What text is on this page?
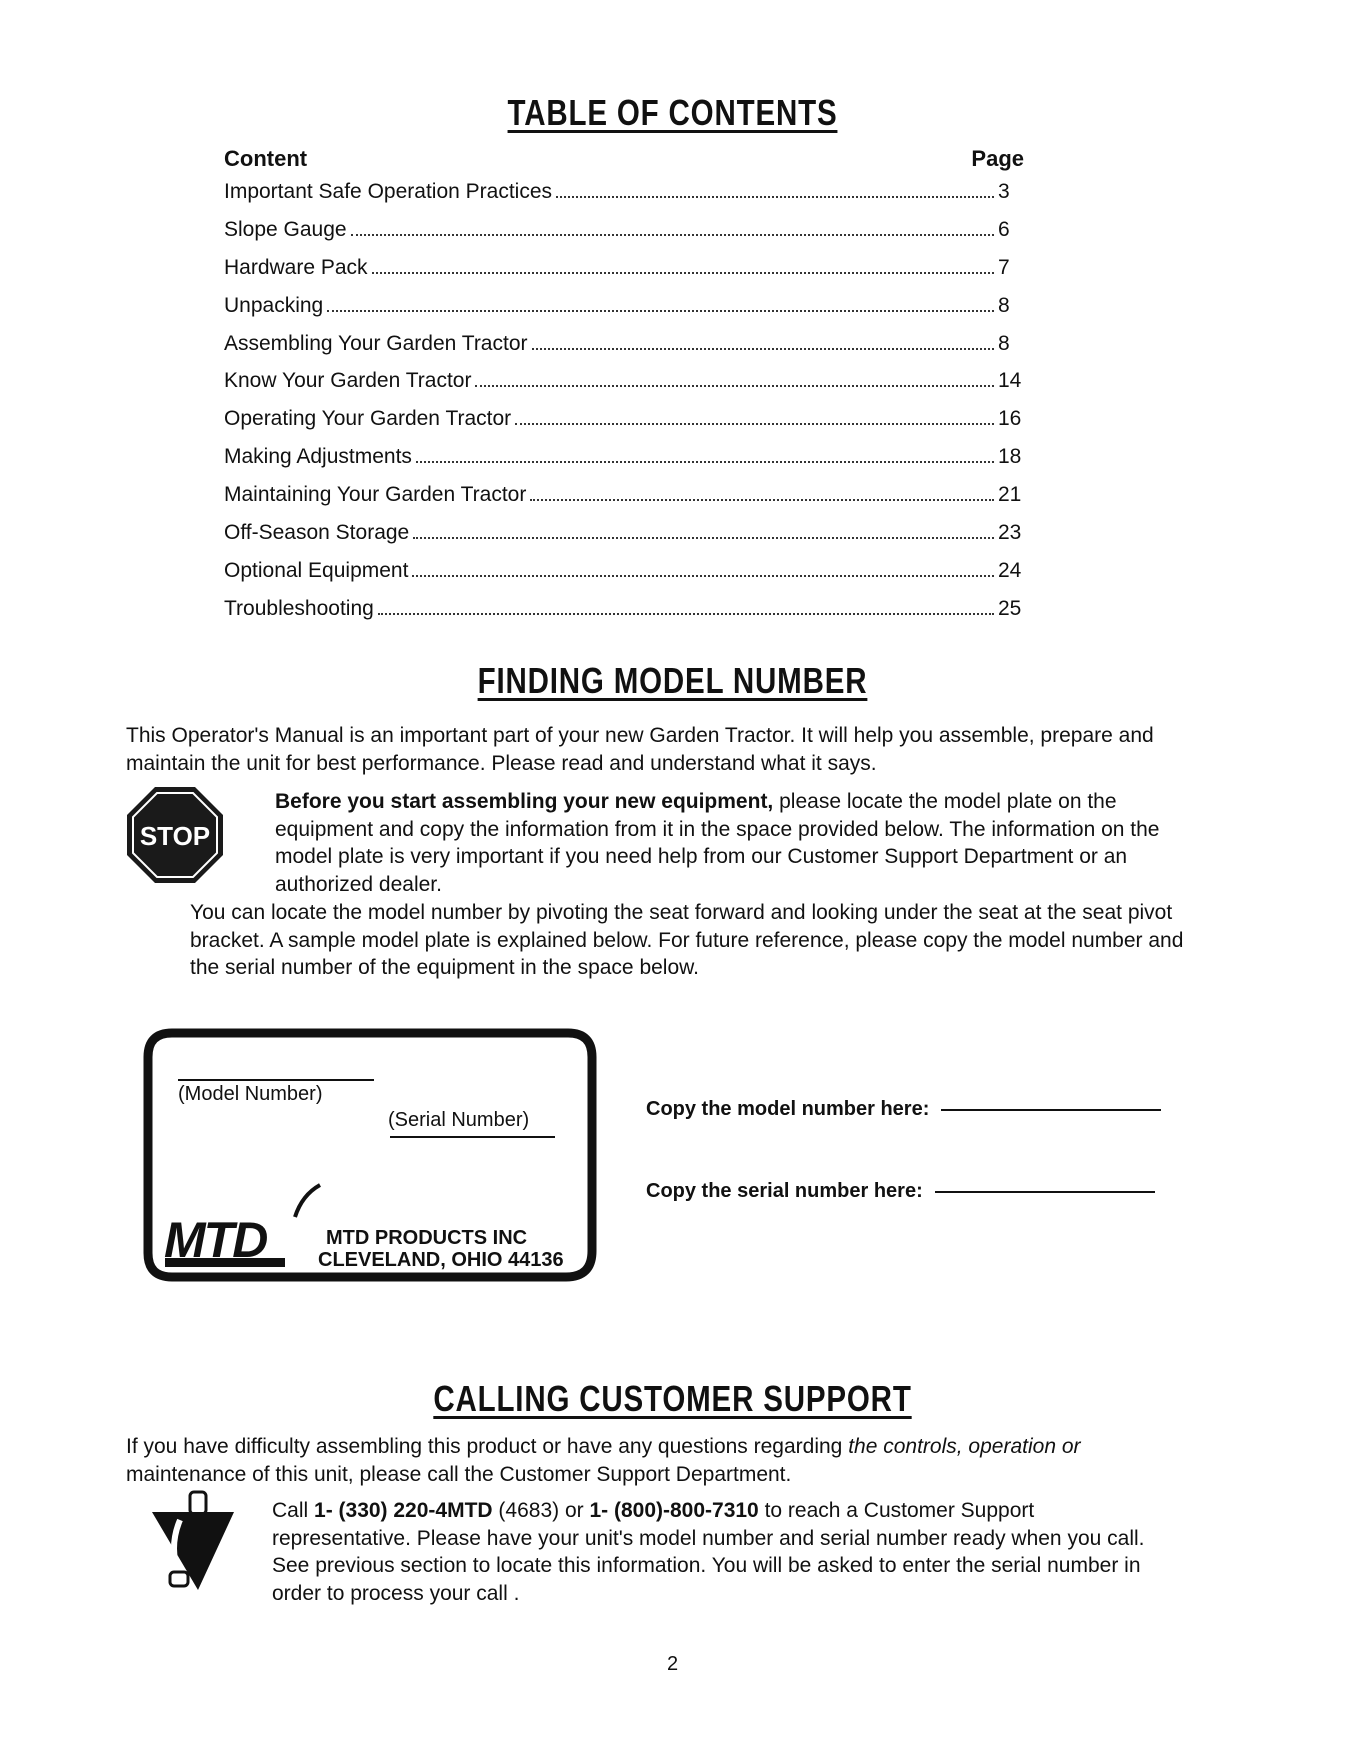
TABLE OF CONTENTS
Content	Page
Important Safe Operation Practices	3
Slope Gauge	6
Hardware Pack	7
Unpacking	8
Assembling Your Garden Tractor	8
Know Your Garden Tractor	14
Operating Your Garden Tractor	16
Making Adjustments	18
Maintaining Your Garden Tractor	21
Off-Season Storage	23
Optional Equipment	24
Troubleshooting	25
FINDING MODEL NUMBER
This Operator's Manual is an important part of your new Garden Tractor. It will help you assemble, prepare and maintain the unit for best performance. Please read and understand what it says.
STOP
Before you start assembling your new equipment, please locate the model plate on the equipment and copy the information from it in the space provided below. The information on the model plate is very important if you need help from our Customer Support Department or an authorized dealer.
You can locate the model number by pivoting the seat forward and looking under the seat at the seat pivot bracket. A sample model plate is explained below. For future reference, please copy the model number and the serial number of the equipment in the space below.
(Model Number)
(Serial Number)
MTD	MTD PRODUCTS INC
CLEVELAND, OHIO 44136
Copy the model number here:
Copy the serial number here:
CALLING CUSTOMER SUPPORT
If you have difficulty assembling this product or have any questions regarding the controls, operation or maintenance of this unit, please call the Customer Support Department.
Call 1- (330) 220-4MTD (4683) or 1- (800)-800-7310 to reach a Customer Support representative. Please have your unit's model number and serial number ready when you call. See previous section to locate this information. You will be asked to enter the serial number in order to process your call .
2
